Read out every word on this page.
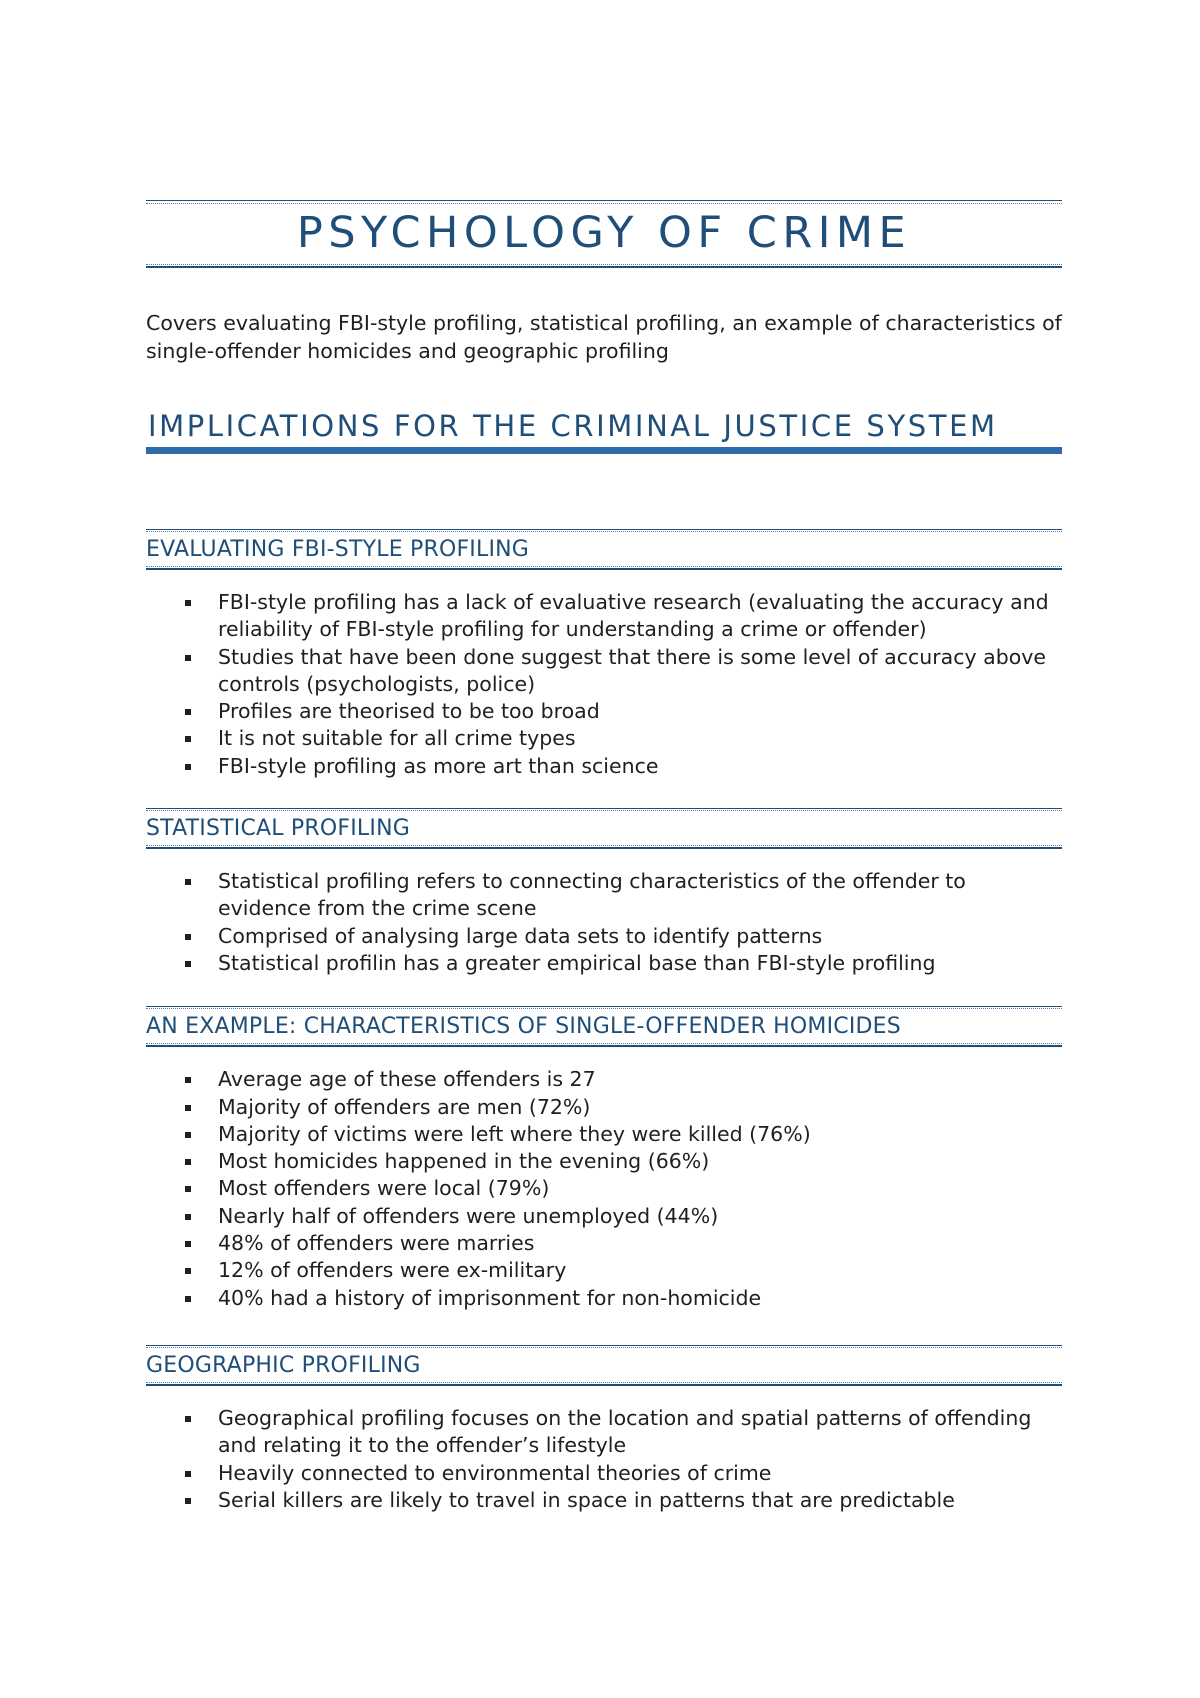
PSYCHOLOGY OF CRIME

Covers evaluating FBI-style profiling, statistical profiling, an example of characteristics of single-offender homicides and geographic profiling

IMPLICATIONS FOR THE CRIMINAL JUSTICE SYSTEM
EVALUATING FBI-STYLE PROFILING
FBI-style profiling has a lack of evaluative research (evaluating the accuracy and reliability of FBI-style profiling for understanding a crime or offender)
Studies that have been done suggest that there is some level of accuracy above controls (psychologists, police)
Profiles are theorised to be too broad
It is not suitable for all crime types
FBI-style profiling as more art than science
STATISTICAL PROFILING
Statistical profiling refers to connecting characteristics of the offender to evidence from the crime scene
Comprised of analysing large data sets to identify patterns
Statistical profilin has a greater empirical base than FBI-style profiling
AN EXAMPLE: CHARACTERISTICS OF SINGLE-OFFENDER HOMICIDES
Average age of these offenders is 27
Majority of offenders are men (72%)
Majority of victims were left where they were killed (76%)
Most homicides happened in the evening (66%)
Most offenders were local (79%)
Nearly half of offenders were unemployed (44%)
48% of offenders were marries
12% of offenders were ex-military
40% had a history of imprisonment for non-homicide
GEOGRAPHIC PROFILING
Geographical profiling focuses on the location and spatial patterns of offending and relating it to the offender’s lifestyle
Heavily connected to environmental theories of crime
Serial killers are likely to travel in space in patterns that are predictable
